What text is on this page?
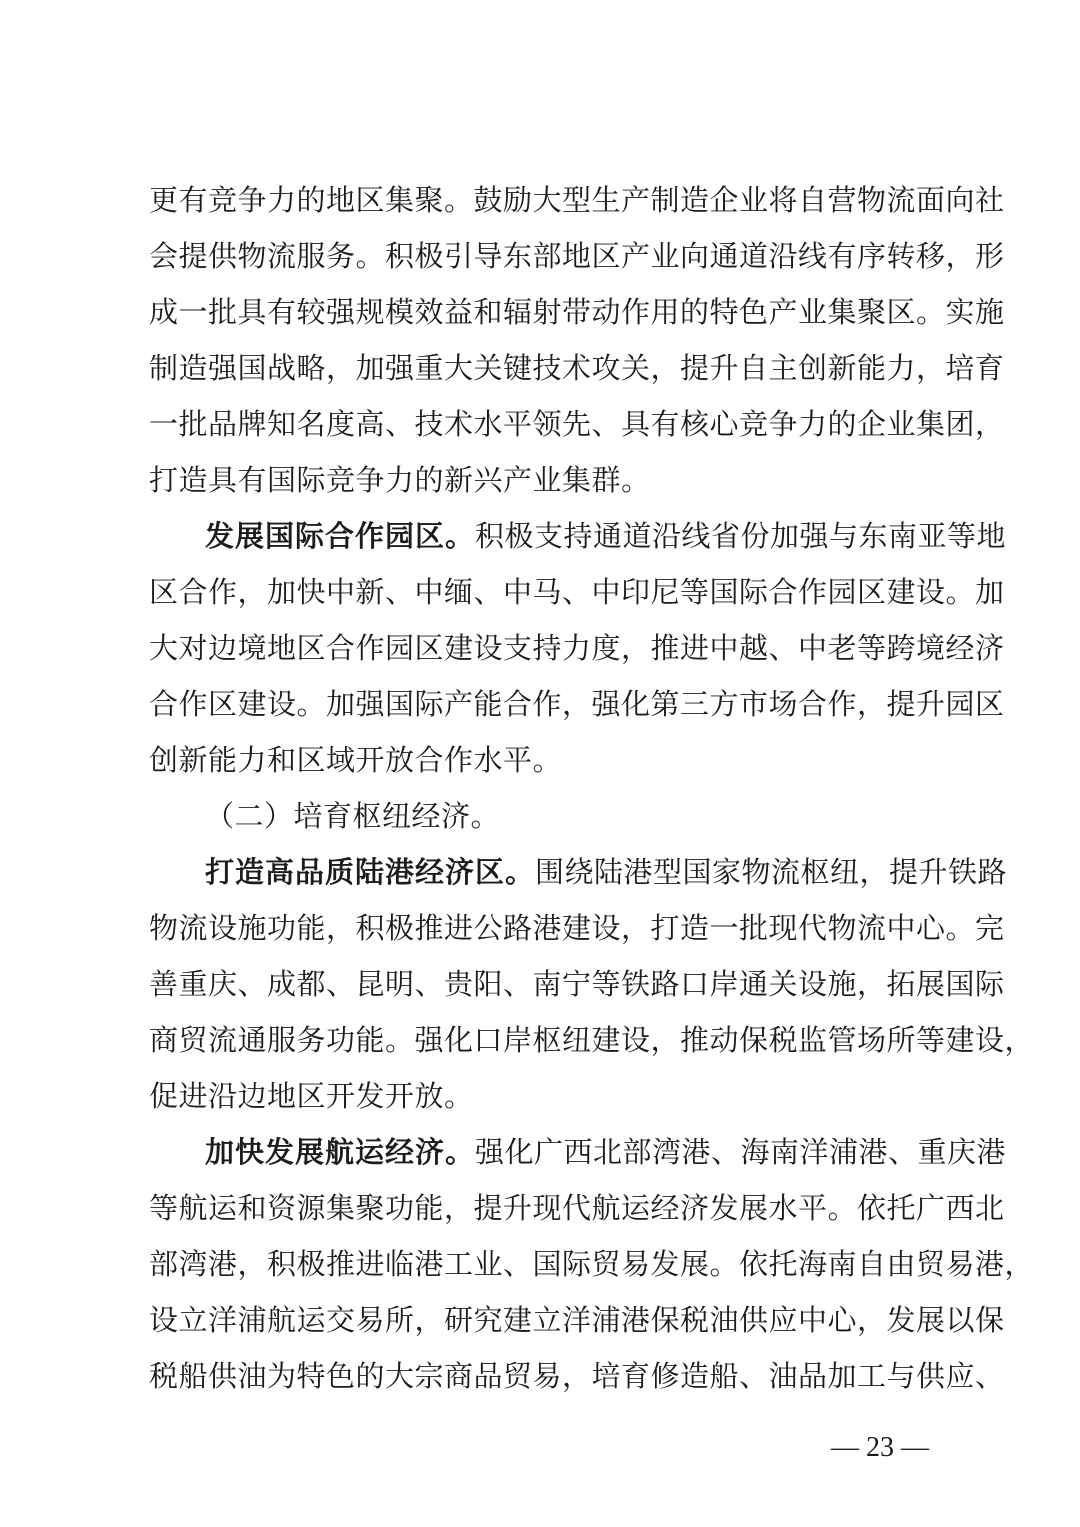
更有竞争力的地区集聚。鼓励大型生产制造企业将自营物流面向社
会提供物流服务。积极引导东部地区产业向通道沿线有序转移，形
成一批具有较强规模效益和辐射带动作用的特色产业集聚区。实施
制造强国战略，加强重大关键技术攻关，提升自主创新能力，培育
一批品牌知名度高、技术水平领先、具有核心竞争力的企业集团，
打造具有国际竞争力的新兴产业集群。
发展国际合作园区。积极支持通道沿线省份加强与东南亚等地
区合作，加快中新、中缅、中马、中印尼等国际合作园区建设。加
大对边境地区合作园区建设支持力度，推进中越、中老等跨境经济
合作区建设。加强国际产能合作，强化第三方市场合作，提升园区
创新能力和区域开放合作水平。
（二）培育枢纽经济。
打造高品质陆港经济区。围绕陆港型国家物流枢纽，提升铁路
物流设施功能，积极推进公路港建设，打造一批现代物流中心。完
善重庆、成都、昆明、贵阳、南宁等铁路口岸通关设施，拓展国际
商贸流通服务功能。强化口岸枢纽建设，推动保税监管场所等建设，
促进沿边地区开发开放。
加快发展航运经济。强化广西北部湾港、海南洋浦港、重庆港
等航运和资源集聚功能，提升现代航运经济发展水平。依托广西北
部湾港，积极推进临港工业、国际贸易发展。依托海南自由贸易港，
设立洋浦航运交易所，研究建立洋浦港保税油供应中心，发展以保
税船供油为特色的大宗商品贸易，培育修造船、油品加工与供应、
— 23 —
